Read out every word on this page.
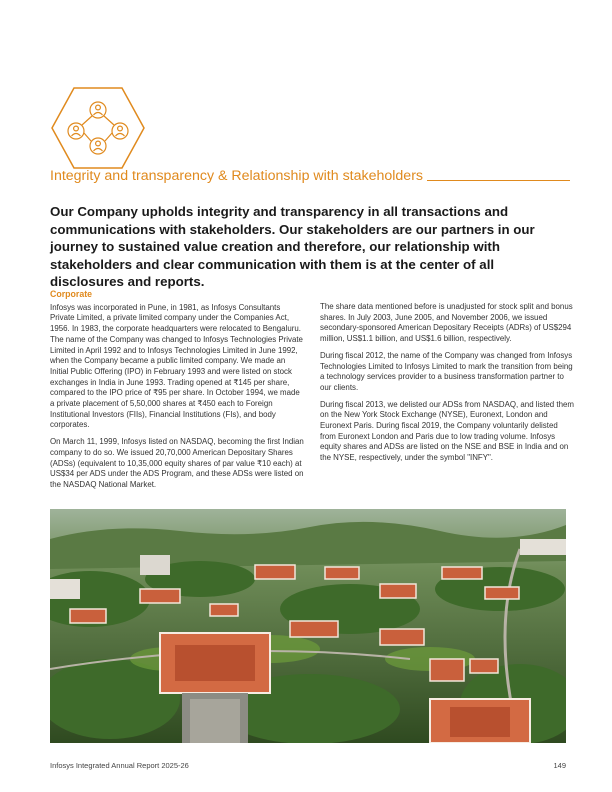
Integrity and transparency & Relationship with stakeholders

Our Company upholds integrity and transparency in all transactions and communications with stakeholders. Our stakeholders are our partners in our journey to sustained value creation and therefore, our relationship with stakeholders and clear communication with them is at the center of all disclosures and reports.

Corporate

Infosys was incorporated in Pune, in 1981, as Infosys Consultants Private Limited, a private limited company under the Companies Act, 1956. In 1983, the corporate headquarters were relocated to Bengaluru. The name of the Company was changed to Infosys Technologies Private Limited in April 1992 and to Infosys Technologies Limited in June 1992, when the Company became a public limited company. We made an Initial Public Offering (IPO) in February 1993 and were listed on stock exchanges in India in June 1993. Trading opened at ₹145 per share, compared to the IPO price of ₹95 per share. In October 1994, we made a private placement of 5,50,000 shares at ₹450 each to Foreign Institutional Investors (FIIs), Financial Institutions (FIs), and body corporates.

On March 11, 1999, Infosys listed on NASDAQ, becoming the first Indian company to do so. We issued 20,70,000 American Depositary Shares (ADSs) (equivalent to 10,35,000 equity shares of par value ₹10 each) at US$34 per ADS under the ADS Program, and these ADSs were listed on the NASDAQ National Market.

The share data mentioned before is unadjusted for stock split and bonus shares. In July 2003, June 2005, and November 2006, we issued secondary-sponsored American Depositary Receipts (ADRs) of US$294 million, US$1.1 billion, and US$1.6 billion, respectively.

During fiscal 2012, the name of the Company was changed from Infosys Technologies Limited to Infosys Limited to mark the transition from being a technology services provider to a business transformation partner to our clients.

During fiscal 2013, we delisted our ADSs from NASDAQ, and listed them on the New York Stock Exchange (NYSE), Euronext, London and Euronext Paris. During fiscal 2019, the Company voluntarily delisted from Euronext London and Paris due to low trading volume. Infosys equity shares and ADSs are listed on the NSE and BSE in India and on the NYSE, respectively, under the symbol "INFY".

Infosys Integrated Annual Report 2025-26	149
